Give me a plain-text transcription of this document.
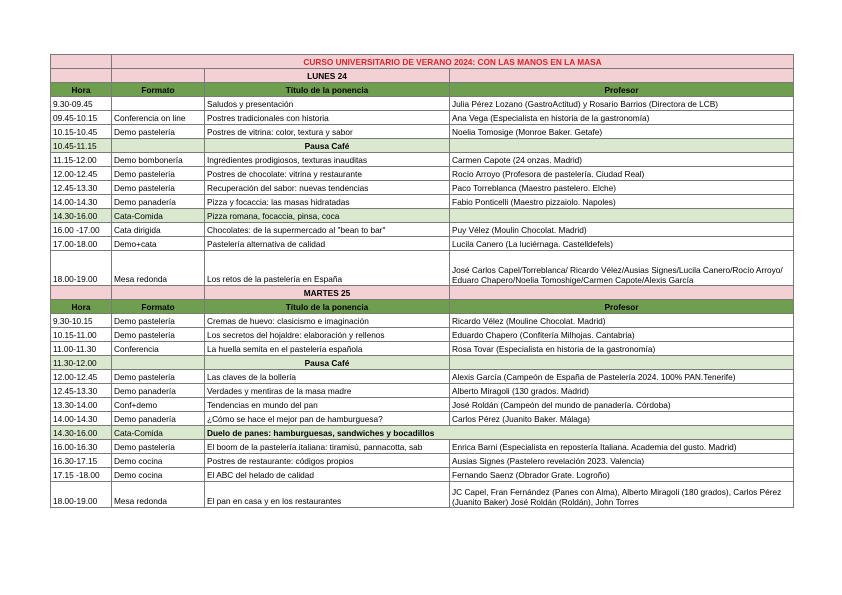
	CURSO UNIVERSITARIO DE VERANO 2024: CON LAS MANOS EN LA MASA		
		LUNES 24	
Hora	Formato	Título de la ponencia	Profesor
9.30-09.45		Saludos y presentación	Julia Pérez Lozano (GastroActitud) y Rosario Barrios (Directora de LCB)
09.45-10.15	Conferencia on line	Postres tradicionales con historia	Ana Vega (Especialista en historia de la gastronomía)
10.15-10.45	Demo pastelería	Postres de vitrina: color, textura y sabor	Noelia Tomosige (Monroe Baker. Getafe)
10.45-11.15		Pausa Café	
11.15-12.00	Demo bombonería	Ingredientes prodigiosos, texturas inauditas	Carmen Capote (24 onzas. Madrid)
12.00-12.45	Demo pastelería	Postres de chocolate: vitrina y restaurante	Rocío Arroyo (Profesora de pastelería. Ciudad Real)
12.45-13.30	Demo pastelería	Recuperación del sabor: nuevas tendencias	Paco Torreblanca (Maestro pastelero. Elche)
14.00-14.30	Demo panadería	Pizza y focaccia: las masas hidratadas	Fabio Ponticelli (Maestro pizzaiolo. Napoles)
14.30-16.00	Cata-Comida	Pizza romana, focaccia, pinsa, coca	
16.00 -17.00	Cata dirigida	Chocolates: de la supermercado al "bean to bar"	Puy Vélez (Moulin Chocolat. Madrid)
17.00-18.00	Demo+cata	Pastelería alternativa de calidad	Lucila Canero (La luciérnaga. Castelldefels)
18.00-19.00	Mesa redonda	Los retos de la pastelería en España	José Carlos Capel/Torreblanca/ Ricardo Vélez/Ausias Signes/Lucila Canero/Rocío Arroyo/ Eduaro Chapero/Noelia Tomoshige/Carmen Capote/Alexis García
		MARTES 25	
Hora	Formato	Título de la ponencia	Profesor
9.30-10.15	Demo pastelería	Cremas de huevo: clasicismo e imaginación	Ricardo Vélez (Mouline Chocolat. Madrid)
10.15-11.00	Demo pastelería	Los secretos del hojaldre: elaboración y rellenos	Eduardo Chapero (Confitería Milhojas. Cantabria)
11.00-11.30	Conferencia	La huella semita en el pastelería española	Rosa Tovar (Especialista en historia de la gastronomía)
11.30-12.00		Pausa Café	
12.00-12.45	Demo pastelería	Las claves de la bollería	Alexis García (Campeón de España de Pastelería 2024. 100% PAN.Tenerife)
12.45-13.30	Demo panadería	Verdades y mentiras de la masa madre	Alberto Miragoli (130 grados. Madrid)
13.30-14.00	Conf+demo	Tendencias en mundo del pan	José Roldán (Campeón del mundo de panadería. Córdoba)
14.00-14.30	Demo panadería	¿Cómo se hace el mejor pan de hamburguesa?	Carlos Pérez (Juanito Baker. Málaga)
14.30-16.00	Cata-Comida	Duelo de panes: hamburguesas, sandwiches y bocadillos	
16.00-16.30	Demo pastelería	El boom de la pastelería italiana: tiramisú, pannacotta, sab	Enrica Barni (Especialista en repostería Italiana. Academia del gusto. Madrid)
16.30-17.15	Demo cocina	Postres de restaurante: códigos propios	Ausias Signes (Pastelero revelación 2023. Valencia)
17.15 -18.00	Demo cocina	El ABC del helado de calidad	Fernando Saenz (Obrador Grate. Logroño)
18.00-19.00	Mesa redonda	El pan en casa y en los restaurantes	JC Capel, Fran Fernández (Panes con Alma), Alberto Miragoli (180 grados), Carlos Pérez (Juanito Baker) José Roldán (Roldán), John Torres
